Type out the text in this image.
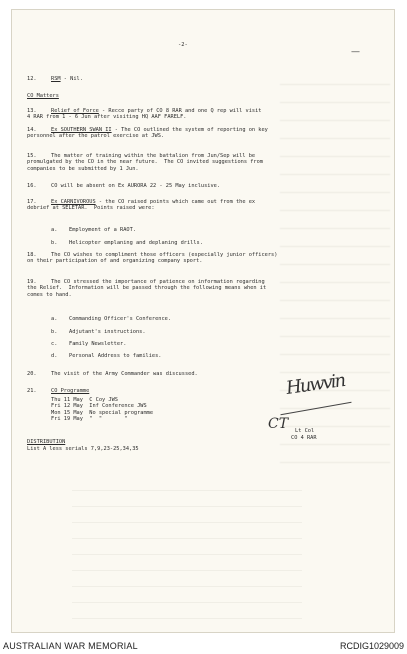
-2-
—
12.	RSM - Nil.
CO Matters
13.	Relief of Force - Recce party of CO 8 RAR and one Q rep will visit
4 RAR from 1 - 6 Jun after visiting HQ AAF FARELF.
14.	Ex SOUTHERN SWAN II - The CO outlined the system of reporting on key
personnel after the patrol exercise at JWS.
15.	The matter of training within the battalion from Jun/Sep will be
promulgated by the CO in the near future.  The CO invited suggestions from
companies to be submitted by 1 Jun.
16.	CO will be absent on Ex AURORA 22 - 25 May inclusive.
17.	Ex CARNIVOROUS - the CO raised points which came out from the ex
debrief at SELETAR.  Points raised were:
a. Employment of a RAOT.
b. Helicopter emplaning and deplaning drills.
18.	The CO wishes to compliment those officers (especially junior officers)
on their participation of and organizing company sport.
19.	The CO stressed the importance of patience on information regarding
the Relief.  Information will be passed through the following means when it
comes to hand.
a. Commanding Officer's Conference.
b. Adjutant's instructions.
c. Family Newsletter.
d. Personal Address to families.
20.	The visit of the Army Commander was discussed.
21.	CO Programme
Thu 11 May  C Coy JWS
Fri 12 May  Inf Conference JWS
Mon 15 May  No special programme
Fri 19 May  "  "       "
Lt Col
CO 4 RAR
DISTRIBUTION
List A less serials 7,9,23-25,34,35
Huwvin
CT
AUSTRALIAN WAR MEMORIAL	RCDIG1029009
